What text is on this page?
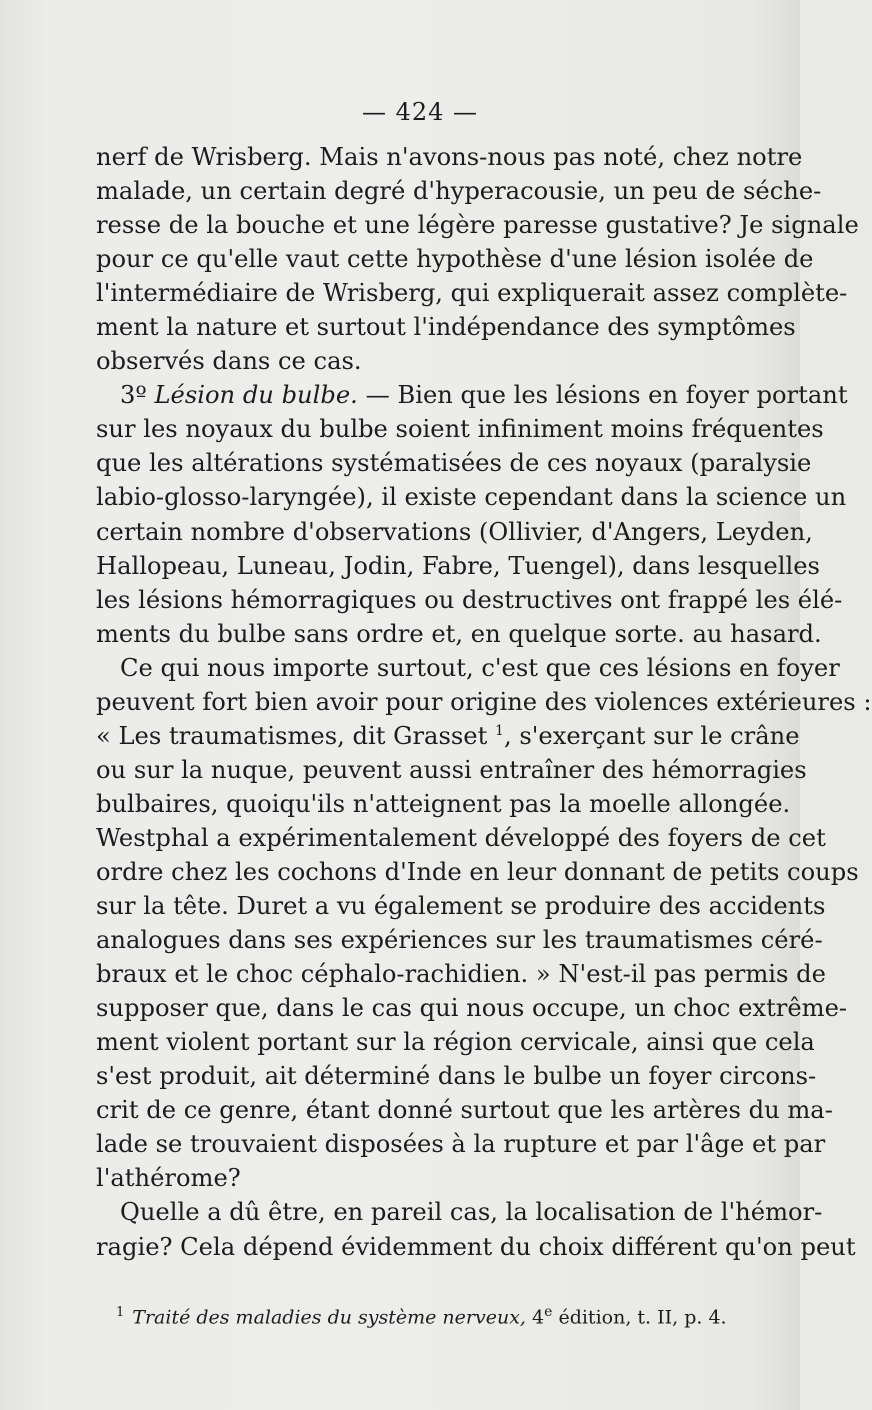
— 424 —
nerf de Wrisberg. Mais n'avons-nous pas noté, chez notre
malade, un certain degré d'hyperacousie, un peu de séche-
resse de la bouche et une légère paresse gustative? Je signale
pour ce qu'elle vaut cette hypothèse d'une lésion isolée de
l'intermédiaire de Wrisberg, qui expliquerait assez complète-
ment la nature et surtout l'indépendance des symptômes
observés dans ce cas.
3º Lésion du bulbe. — Bien que les lésions en foyer portant
sur les noyaux du bulbe soient infiniment moins fréquentes
que les altérations systématisées de ces noyaux (paralysie
labio-glosso-laryngée), il existe cependant dans la science un
certain nombre d'observations (Ollivier, d'Angers, Leyden,
Hallopeau, Luneau, Jodin, Fabre, Tuengel), dans lesquelles
les lésions hémorragiques ou destructives ont frappé les élé-
ments du bulbe sans ordre et, en quelque sorte. au hasard.
Ce qui nous importe surtout, c'est que ces lésions en foyer
peuvent fort bien avoir pour origine des violences extérieures :
« Les traumatismes, dit Grasset $^1$, s'exerçant sur le crâne
ou sur la nuque, peuvent aussi entraîner des hémorragies
bulbaires, quoiqu'ils n'atteignent pas la moelle allongée.
Westphal a expérimentalement développé des foyers de cet
ordre chez les cochons d'Inde en leur donnant de petits coups
sur la tête. Duret a vu également se produire des accidents
analogues dans ses expériences sur les traumatismes céré-
braux et le choc céphalo-rachidien. » N'est-il pas permis de
supposer que, dans le cas qui nous occupe, un choc extrême-
ment violent portant sur la région cervicale, ainsi que cela
s'est produit, ait déterminé dans le bulbe un foyer circons-
crit de ce genre, étant donné surtout que les artères du ma-
lade se trouvaient disposées à la rupture et par l'âge et par
l'athérome?
Quelle a dû être, en pareil cas, la localisation de l'hémor-
ragie? Cela dépend évidemment du choix différent qu'on peut
$^1$ Traité des maladies du système nerveux, 4e édition, t. II, p. 4.
